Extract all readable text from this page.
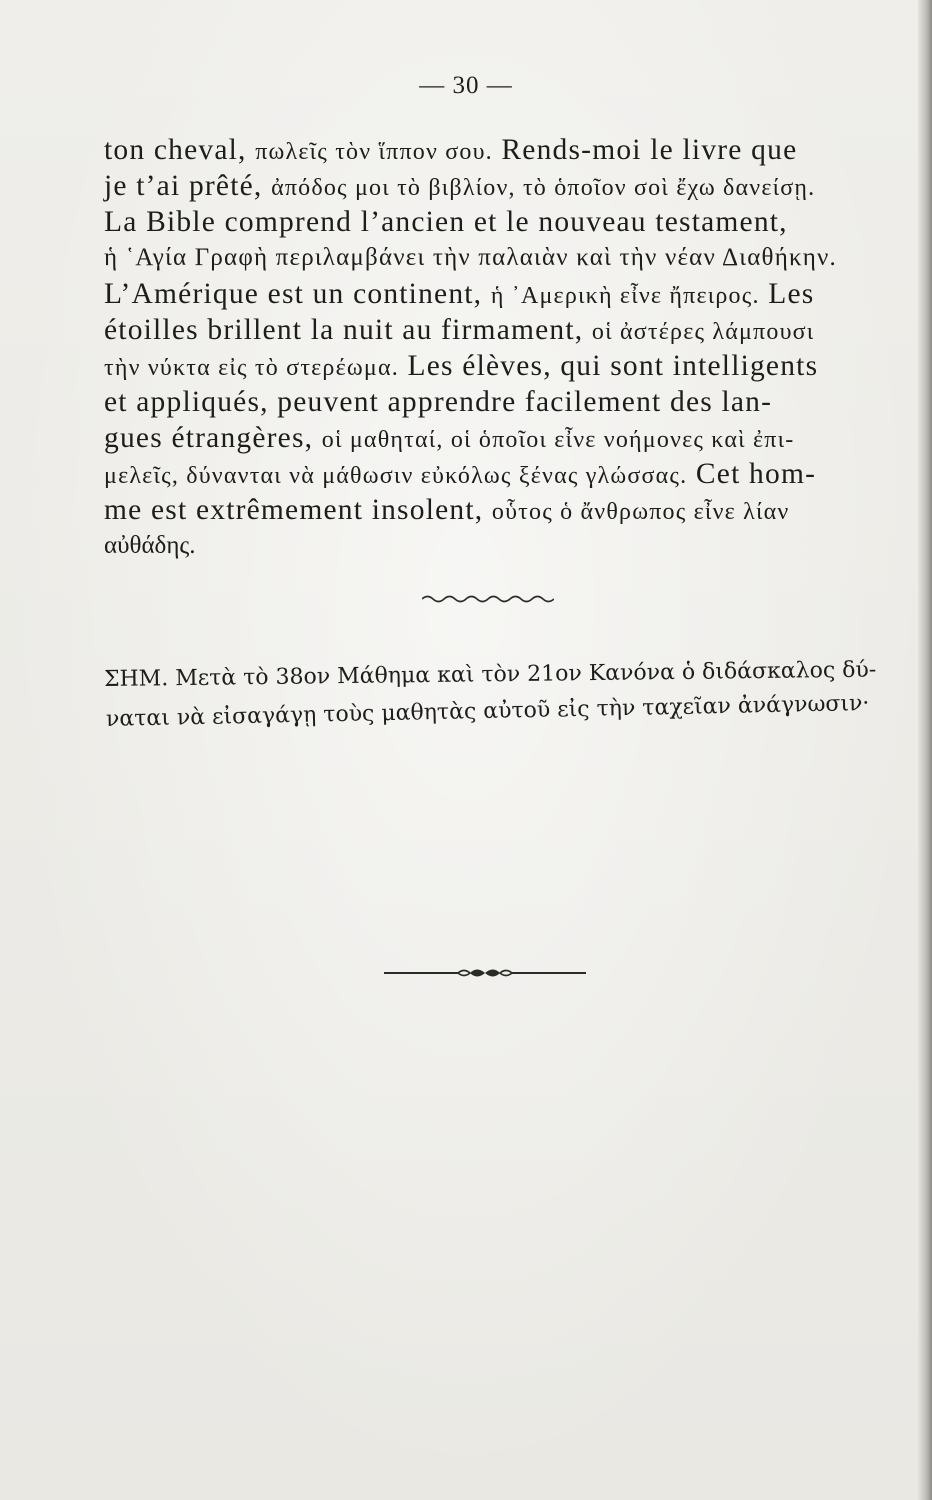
— 30 —
ton cheval, πωλεῖς τὸν ἵππον σου. Rends-moi le livre que
je t’ai prêté, ἀπόδος μοι τὸ βιβλίον, τὸ ὁποῖον σοὶ ἔχω δανείσῃ.
La Bible comprend l’ancien et le nouveau testament,
ἡ ῾Αγία Γραφὴ περιλαμβάνει τὴν παλαιὰν καὶ τὴν νέαν Διαθήκην.
L’Amérique est un continent, ἡ ᾿Αμερικὴ εἶνε ἤπειρος. Les
étoilles brillent la nuit au firmament, οἱ ἀστέρες λάμπουσι
τὴν νύκτα εἰς τὸ στερέωμα. Les élèves, qui sont intelligents
et appliqués, peuvent apprendre facilement des lan-
gues étrangères, οἱ μαθηταί, οἱ ὁποῖοι εἶνε νοήμονες καὶ ἐπι-
μελεῖς, δύνανται νὰ μάθωσιν εὐκόλως ξένας γλώσσας. Cet hom-
me est extrêmement insolent, οὗτος ὁ ἄνθρωπος εἶνε λίαν
αὐθάδης.
ΣΗΜ. Μετὰ τὸ 38ον Μάθημα καὶ τὸν 21ον Κανόνα ὁ διδάσκαλος δύ-
ναται νὰ εἰσαγάγῃ τοὺς μαθητὰς αὐτοῦ εἰς τὴν ταχεῖαν ἀνάγνωσιν·
